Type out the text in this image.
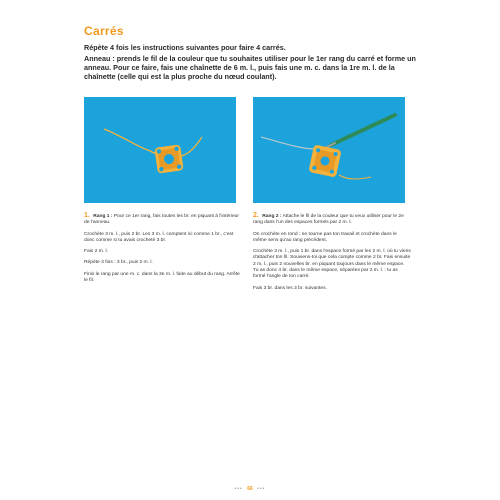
Carrés

Répète 4 fois les instructions suivantes pour faire 4 carrés.

Anneau : prends le fil de la couleur que tu souhaites utiliser pour le 1er rang du carré et forme un anneau. Pour ce faire, fais une chaînette de 6 m. l., puis fais une m. c. dans la 1re m. l. de la chaînette (celle qui est la plus proche du nœud coulant).

1. Rang 1 : Pour ce 1er rang, fais toutes les br. en piquant à l'intérieur de l'anneau.

Crochète 3 m. l., puis 2 br. Les 3 m. l. comptent ici comme 1 br., c'est donc comme si tu avais crocheté 3 br.

Fais 2 m. l.

Répète 3 fois : 3 br., puis 2 m. l.

Finis le rang par une m. c. dans la 3e m. l. faite au début du rang. Arrête le fil.

2. Rang 2 : Attache le fil de la couleur que tu veux utiliser pour le 2e rang dans l'un des espaces formés par 2 m. l.

On crochète en rond : ne tourne pas ton travail et crochète dans le même sens qu'au rang précédent.

Crochète 3 m. l., puis 1 br. dans l'espace formé par les 2 m. l. où tu viens d'attacher ton fil. Souviens-toi que cela compte comme 2 br. Fais ensuite 2 m. l., puis 2 nouvelles br. en piquant toujours dans le même espace. Tu as donc 4 br. dans le même espace, séparées par 2 m. l. : tu as formé l'angle de ton carré.

Fais 3 br. dans les 3 br. suivantes.

••• 66 •••
